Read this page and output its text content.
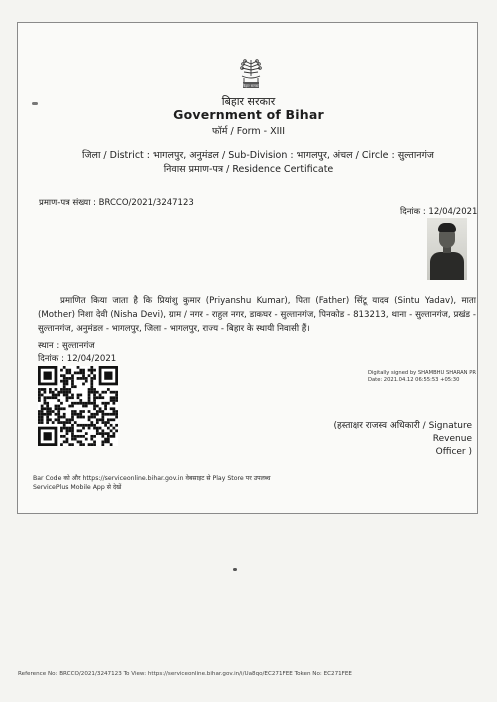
बिहार सरकार
बिहार सरकार
Government of Bihar
फॉर्म / Form - XIII
जिला / District : भागलपुर, अनुमंडल / Sub-Division : भागलपुर, अंचल / Circle : सुल्तानगंज
निवास प्रमाण-पत्र / Residence Certificate
प्रमाण-पत्र संख्या : BRCCO/2021/3247123
दिनांक : 12/04/2021
प्रमाणित किया जाता है कि प्रियांशु कुमार (Priyanshu Kumar), पिता (Father) सिंटू यादव (Sintu Yadav), माता (Mother) निशा देवी (Nisha Devi), ग्राम / नगर - राहुल नगर, डाकघर - सुल्तानगंज, पिनकोड - 813213, थाना - सुल्तानगंज, प्रखंड - सुल्तानगंज, अनुमंडल - भागलपुर, जिला - भागलपुर, राज्य - बिहार के स्थायी निवासी हैं।
स्थान : सुल्तानगंज
दिनांक : 12/04/2021
Digitally signed by SHAMBHU SHARAN PR
Date: 2021.04.12 06:55:53 +05:30
(हस्ताक्षर राजस्व अधिकारी / Signature Revenue
Officer )
Bar Code को और https://serviceonline.bihar.gov.in वेबसाइट से Play Store पर उपलब्ध
ServicePlus Mobile App से देखें
Reference No: BRCCO/2021/3247123 To View: https://serviceonline.bihar.gov.in/i/Ua8qo/EC271FEE Token No: EC271FEE
